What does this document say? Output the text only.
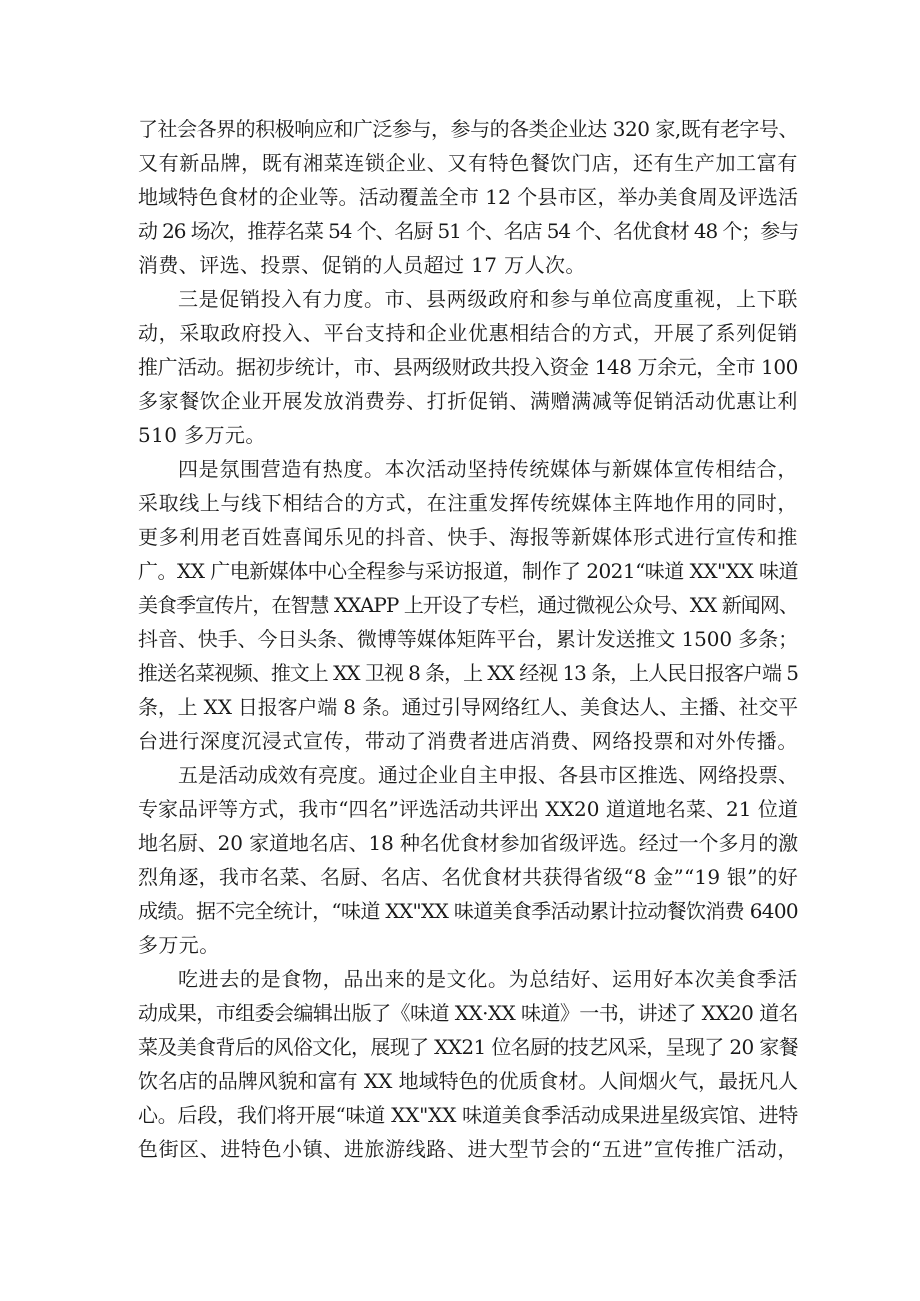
了社会各界的积极响应和广泛参与，参与的各类企业达 320 家,既有老字号、
又有新品牌，既有湘菜连锁企业、又有特色餐饮门店，还有生产加工富有
地域特色食材的企业等。活动覆盖全市 12 个县市区，举办美食周及评选活
动 26 场次，推荐名菜 54 个、名厨 51 个、名店 54 个、名优食材 48 个；参与
消费、评选、投票、促销的人员超过 17 万人次。
三是促销投入有力度。市、县两级政府和参与单位高度重视，上下联
动，采取政府投入、平台支持和企业优惠相结合的方式，开展了系列促销
推广活动。据初步统计，市、县两级财政共投入资金 148 万余元，全市 100
多家餐饮企业开展发放消费券、打折促销、满赠满减等促销活动优惠让利
510 多万元。
四是氛围营造有热度。本次活动坚持传统媒体与新媒体宣传相结合，
采取线上与线下相结合的方式，在注重发挥传统媒体主阵地作用的同时，
更多利用老百姓喜闻乐见的抖音、快手、海报等新媒体形式进行宣传和推
广。XX 广电新媒体中心全程参与采访报道，制作了 2021“味道 XX"XX 味道
美食季宣传片，在智慧 XXAPP 上开设了专栏，通过微视公众号、XX 新闻网、
抖音、快手、今日头条、微博等媒体矩阵平台，累计发送推文 1500 多条；
推送名菜视频、推文上 XX 卫视 8 条，上 XX 经视 13 条，上人民日报客户端 5
条，上 XX 日报客户端 8 条。通过引导网络红人、美食达人、主播、社交平
台进行深度沉浸式宣传，带动了消费者进店消费、网络投票和对外传播。
五是活动成效有亮度。通过企业自主申报、各县市区推选、网络投票、
专家品评等方式，我市“四名”评选活动共评出 XX20 道道地名菜、21 位道
地名厨、20 家道地名店、18 种名优食材参加省级评选。经过一个多月的激
烈角逐，我市名菜、名厨、名店、名优食材共获得省级“8 金”“19 银”的好
成绩。据不完全统计，“味道 XX"XX 味道美食季活动累计拉动餐饮消费 6400
多万元。
吃进去的是食物，品出来的是文化。为总结好、运用好本次美食季活
动成果，市组委会编辑出版了《味道 XX·XX 味道》一书，讲述了 XX20 道名
菜及美食背后的风俗文化，展现了 XX21 位名厨的技艺风采，呈现了 20 家餐
饮名店的品牌风貌和富有 XX 地域特色的优质食材。人间烟火气，最抚凡人
心。后段，我们将开展“味道 XX"XX 味道美食季活动成果进星级宾馆、进特
色街区、进特色小镇、进旅游线路、进大型节会的“五进”宣传推广活动，
